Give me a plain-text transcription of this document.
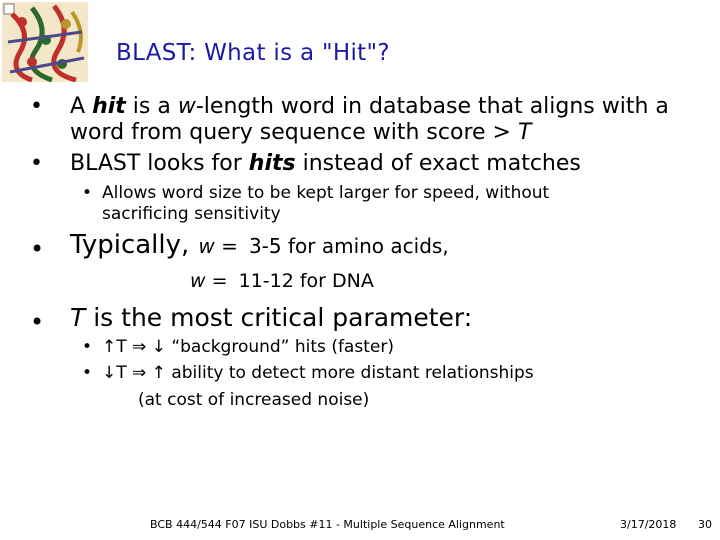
BLAST: What is a "Hit"?
• A hit is a w-length word in database that aligns with a
word from query sequence with score > T
• BLAST looks for hits instead of exact matches
• Allows word size to be kept larger for speed, without
sacrificing sensitivity
• Typically, w = 3-5 for amino acids,
w = 11-12 for DNA
• T is the most critical parameter:
• ↑T ⇒ ↓ “background” hits (faster)
• ↓T ⇒ ↑ ability to detect more distant relationships
(at cost of increased noise)
BCB 444/544 F07 ISU Dobbs #11 - Multiple Sequence Alignment	3/17/2018 30
